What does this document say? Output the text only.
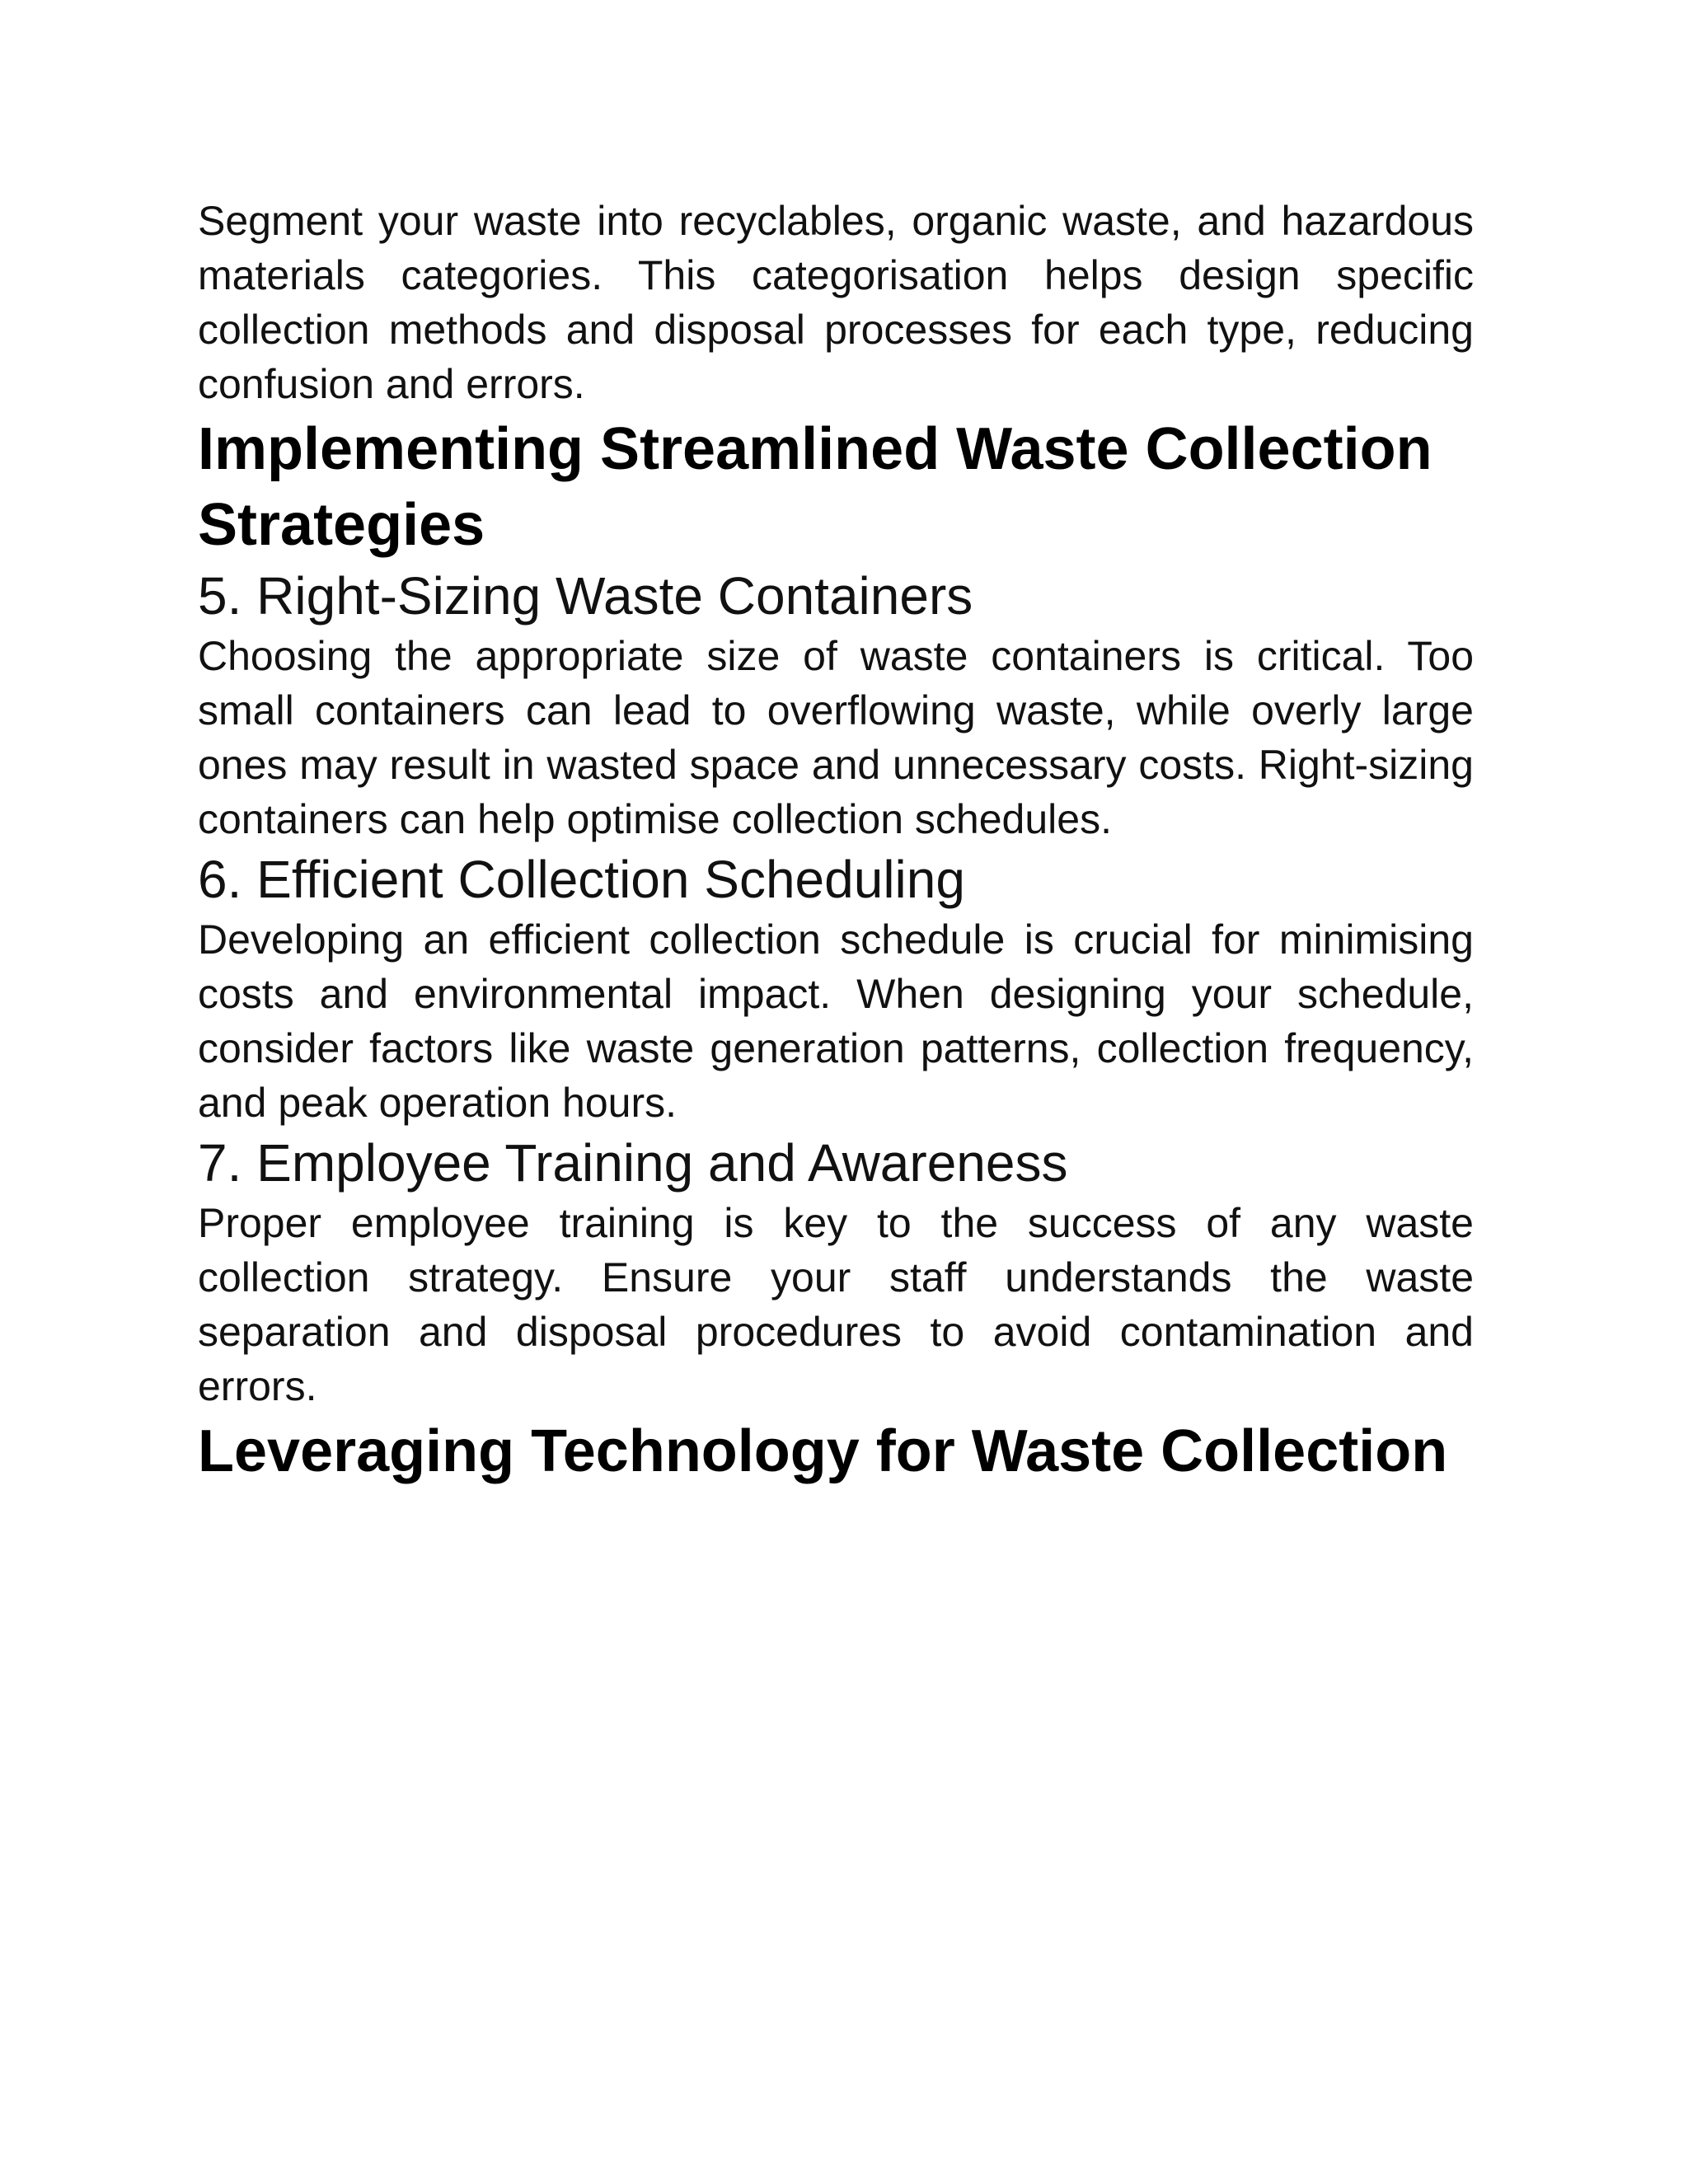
Segment your waste into recyclables, organic waste, and hazardous materials categories. This categorisation helps design specific collection methods and disposal processes for each type, reducing confusion and errors.

Implementing Streamlined Waste Collection Strategies
5. Right-Sizing Waste Containers

Choosing the appropriate size of waste containers is critical. Too small containers can lead to overflowing waste, while overly large ones may result in wasted space and unnecessary costs. Right-sizing containers can help optimise collection schedules.

6. Efficient Collection Scheduling

Developing an efficient collection schedule is crucial for minimising costs and environmental impact. When designing your schedule, consider factors like waste generation patterns, collection frequency, and peak operation hours.

7. Employee Training and Awareness

Proper employee training is key to the success of any waste collection strategy. Ensure your staff understands the waste separation and disposal procedures to avoid contamination and errors.

Leveraging Technology for Waste Collection
